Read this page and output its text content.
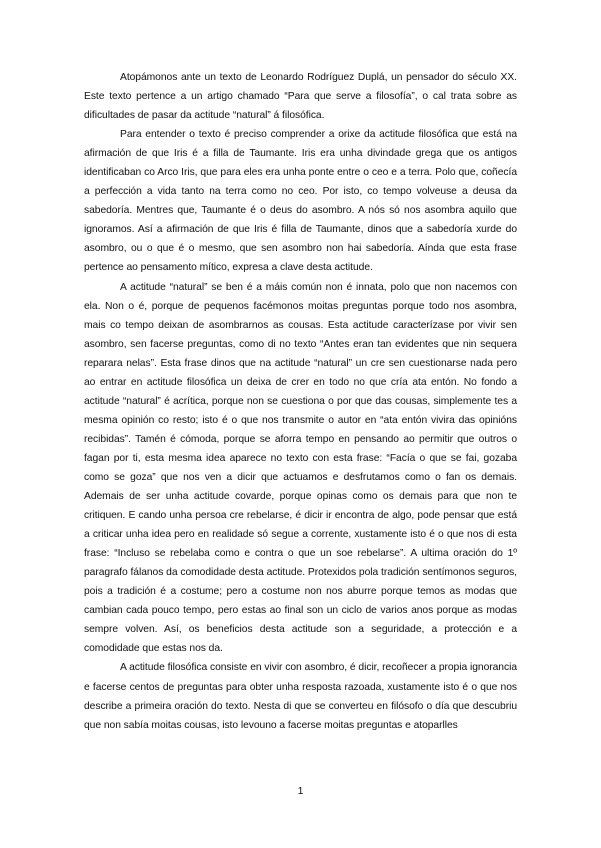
Atopámonos ante un texto de Leonardo Rodríguez Duplá, un pensador do século XX. Este texto pertence a un artigo chamado “Para que serve a filosofía”, o cal trata sobre as dificultades de pasar da actitude “natural” á filosófica.

Para entender o texto é preciso comprender a orixe da actitude filosófica que está na afirmación de que Iris é a filla de Taumante. Iris era unha divindade grega que os antigos identificaban co Arco Iris, que para eles era unha ponte entre o ceo e a terra. Polo que, coñecía a perfección a vida tanto na terra como no ceo. Por isto, co tempo volveuse a deusa da sabedoría. Mentres que, Taumante é o deus do asombro. A nós só nos asombra aquilo que ignoramos. Así a afirmación de que Iris é filla de Taumante, dinos que a sabedoría xurde do asombro, ou o que é o mesmo, que sen asombro non hai sabedoría. Aínda que esta frase pertence ao pensamento mítico, expresa a clave desta actitude.

A actitude “natural” se ben é a máis común non é innata, polo que non nacemos con ela. Non o é, porque de pequenos facémonos moitas preguntas porque todo nos asombra, mais co tempo deixan de asombrarnos as cousas. Esta actitude caracterízase por vivir sen asombro, sen facerse preguntas, como di no texto “Antes eran tan evidentes que nin sequera reparara nelas”. Esta frase dinos que na actitude “natural” un cre sen cuestionarse nada pero ao entrar en actitude filosófica un deixa de crer en todo no que cría ata entón. No fondo a actitude “natural” é acrítica, porque non se cuestiona o por que das cousas, simplemente tes a mesma opinión co resto; isto é o que nos transmite o autor en “ata entón vivira das opinións recibidas”. Tamén é cómoda, porque se aforra tempo en pensando ao permitir que outros o fagan por ti, esta mesma idea aparece no texto con esta frase: “Facía o que se fai, gozaba como se goza” que nos ven a dicir que actuamos e desfrutamos como o fan os demais. Ademais de ser unha actitude covarde, porque opinas como os demais para que non te critiquen. E cando unha persoa cre rebelarse, é dicir ir encontra de algo, pode pensar que está a criticar unha idea pero en realidade só segue a corrente, xustamente isto é o que nos di esta frase: “Incluso se rebelaba como e contra o que un soe rebelarse”. A ultima oración do 1º paragrafo fálanos da comodidade desta actitude. Protexidos pola tradición sentímonos seguros, pois a tradición é a costume; pero a costume non nos aburre porque temos as modas que cambian cada pouco tempo, pero estas ao final son un ciclo de varios anos porque as modas sempre volven. Así, os beneficios desta actitude son a seguridade, a protección e a comodidade que estas nos da.

A actitude filosófica consiste en vivir con asombro, é dicir, recoñecer a propia ignorancia e facerse centos de preguntas para obter unha resposta razoada, xustamente isto é o que nos describe a primeira oración do texto. Nesta di que se converteu en filósofo o día que descubriu que non sabía moitas cousas, isto levouno a facerse moitas preguntas e atoparlles

1
